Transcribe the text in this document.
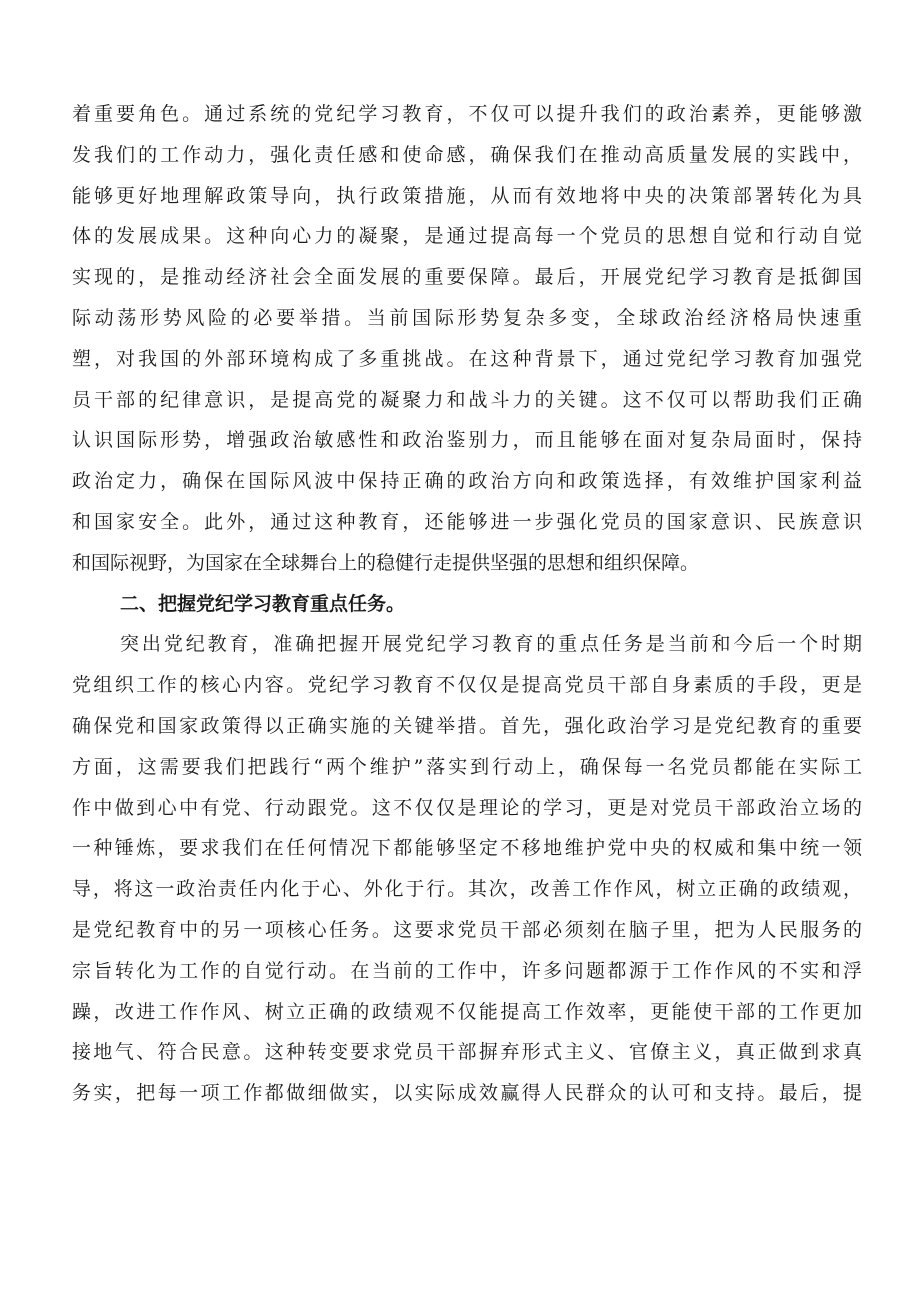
着重要角色。通过系统的党纪学习教育，不仅可以提升我们的政治素养，更能够激
发我们的工作动力，强化责任感和使命感，确保我们在推动高质量发展的实践中，
能够更好地理解政策导向，执行政策措施，从而有效地将中央的决策部署转化为具
体的发展成果。这种向心力的凝聚，是通过提高每一个党员的思想自觉和行动自觉
实现的，是推动经济社会全面发展的重要保障。最后，开展党纪学习教育是抵御国
际动荡形势风险的必要举措。当前国际形势复杂多变，全球政治经济格局快速重
塑，对我国的外部环境构成了多重挑战。在这种背景下，通过党纪学习教育加强党
员干部的纪律意识，是提高党的凝聚力和战斗力的关键。这不仅可以帮助我们正确
认识国际形势，增强政治敏感性和政治鉴别力，而且能够在面对复杂局面时，保持
政治定力，确保在国际风波中保持正确的政治方向和政策选择，有效维护国家利益
和国家安全。此外，通过这种教育，还能够进一步强化党员的国家意识、民族意识
和国际视野，为国家在全球舞台上的稳健行走提供坚强的思想和组织保障。
二、把握党纪学习教育重点任务。
突出党纪教育，准确把握开展党纪学习教育的重点任务是当前和今后一个时期
党组织工作的核心内容。党纪学习教育不仅仅是提高党员干部自身素质的手段，更是
确保党和国家政策得以正确实施的关键举措。首先，强化政治学习是党纪教育的重要
方面，这需要我们把践行“两个维护”落实到行动上，确保每一名党员都能在实际工
作中做到心中有党、行动跟党。这不仅仅是理论的学习，更是对党员干部政治立场的
一种锤炼，要求我们在任何情况下都能够坚定不移地维护党中央的权威和集中统一领
导，将这一政治责任内化于心、外化于行。其次，改善工作作风，树立正确的政绩观，
是党纪教育中的另一项核心任务。这要求党员干部必须刻在脑子里，把为人民服务的
宗旨转化为工作的自觉行动。在当前的工作中，许多问题都源于工作作风的不实和浮
躁，改进工作作风、树立正确的政绩观不仅能提高工作效率，更能使干部的工作更加
接地气、符合民意。这种转变要求党员干部摒弃形式主义、官僚主义，真正做到求真
务实，把每一项工作都做细做实，以实际成效赢得人民群众的认可和支持。最后，提
